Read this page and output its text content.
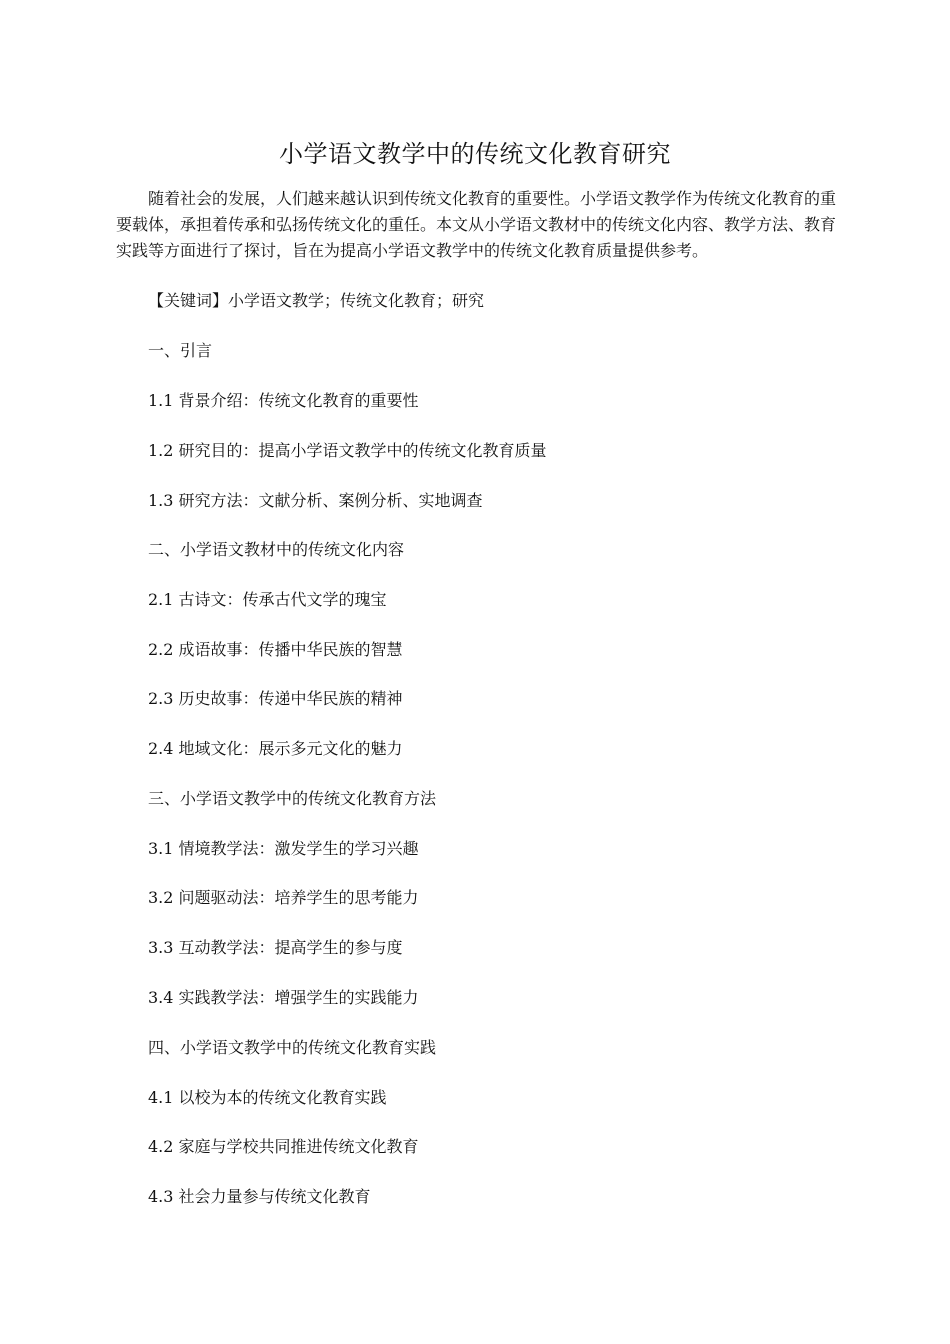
小学语文教学中的传统文化教育研究

随着社会的发展，人们越来越认识到传统文化教育的重要性。小学语文教学作为传统文化教育的重要载体，承担着传承和弘扬传统文化的重任。本文从小学语文教材中的传统文化内容、教学方法、教育实践等方面进行了探讨，旨在为提高小学语文教学中的传统文化教育质量提供参考。

【关键词】小学语文教学；传统文化教育；研究

一、引言

1.1 背景介绍：传统文化教育的重要性

1.2 研究目的：提高小学语文教学中的传统文化教育质量

1.3 研究方法：文献分析、案例分析、实地调查

二、小学语文教材中的传统文化内容

2.1 古诗文：传承古代文学的瑰宝

2.2 成语故事：传播中华民族的智慧

2.3 历史故事：传递中华民族的精神

2.4 地域文化：展示多元文化的魅力

三、小学语文教学中的传统文化教育方法

3.1 情境教学法：激发学生的学习兴趣

3.2 问题驱动法：培养学生的思考能力

3.3 互动教学法：提高学生的参与度

3.4 实践教学法：增强学生的实践能力

四、小学语文教学中的传统文化教育实践

4.1 以校为本的传统文化教育实践

4.2 家庭与学校共同推进传统文化教育

4.3 社会力量参与传统文化教育
